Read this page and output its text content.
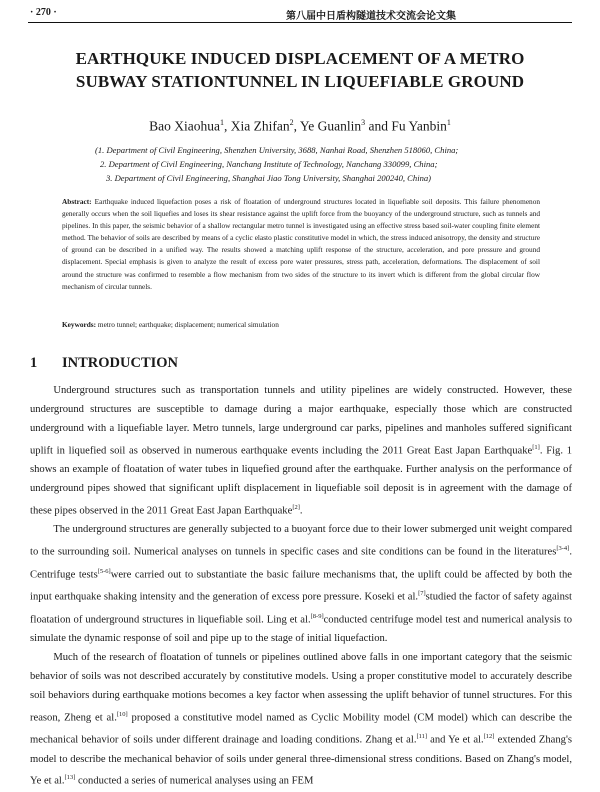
· 270 ·	第八届中日盾构隧道技术交流会论文集
EARTHQUKE INDUCED DISPLACEMENT OF A METRO
SUBWAY STATIONTUNNEL IN LIQUEFIABLE GROUND
Bao Xiaohua$^1$, Xia Zhifan$^2$, Ye Guanlin$^3$ and Fu Yanbin$^1$
(1. Department of Civil Engineering, Shenzhen University, 3688, Nanhai Road, Shenzhen 518060, China;
2. Department of Civil Engineering, Nanchang Institute of Technology, Nanchang 330099, China;
3. Department of Civil Engineering, Shanghai Jiao Tong University, Shanghai 200240, China)
Abstract: Earthquake induced liquefaction poses a risk of floatation of underground structures located in liquefiable soil deposits. This failure phenomenon generally occurs when the soil liquefies and loses its shear resistance against the uplift force from the buoyancy of the underground structure, such as tunnels and pipelines. In this paper, the seismic behavior of a shallow rectangular metro tunnel is investigated using an effective stress based soil-water coupling finite element method. The behavior of soils are described by means of a cyclic elasto plastic constitutive model in which, the stress induced anisotropy, the density and structure of ground can be described in a unified way. The results showed a matching uplift response of the structure, acceleration, and pore pressure and ground displacement. Special emphasis is given to analyze the result of excess pore water pressures, stress path, acceleration, deformations. The displacement of soil around the structure was confirmed to resemble a flow mechanism from two sides of the structure to its invert which is different from the global circular flow mechanism of circular tunnels.
Keywords: metro tunnel; earthquake; displacement; numerical simulation
1 INTRODUCTION

Underground structures such as transportation tunnels and utility pipelines are widely constructed. However, these underground structures are susceptible to damage during a major earthquake, especially those which are constructed underground with a liquefiable layer. Metro tunnels, large underground car parks, pipelines and manholes suffered significant uplift in liquefied soil as observed in numerous earthquake events including the 2011 Great East Japan Earthquake[1]. Fig. 1 shows an example of floatation of water tubes in liquefied ground after the earthquake. Further analysis on the performance of underground pipes showed that significant uplift displacement in liquefiable soil deposit is in agreement with the damage of these pipes observed in the 2011 Great East Japan Earthquake[2].

The underground structures are generally subjected to a buoyant force due to their lower submerged unit weight compared to the surrounding soil. Numerical analyses on tunnels in specific cases and site conditions can be found in the literatures[3-4]. Centrifuge tests[5-6]were carried out to substantiate the basic failure mechanisms that, the uplift could be affected by both the input earthquake shaking intensity and the generation of excess pore pressure. Koseki et al.[7]studied the factor of safety against floatation of underground structures in liquefiable soil. Ling et al.[8-9]conducted centrifuge model test and numerical analysis to simulate the dynamic response of soil and pipe up to the stage of initial liquefaction.

Much of the research of floatation of tunnels or pipelines outlined above falls in one important category that the seismic behavior of soils was not described accurately by constitutive models. Using a proper constitutive model to accurately describe soil behaviors during earthquake motions becomes a key factor when assessing the uplift behavior of tunnel structures. For this reason, Zheng et al.[10] proposed a constitutive model named as Cyclic Mobility model (CM model) which can describe the mechanical behavior of soils under different drainage and loading conditions. Zhang et al.[11] and Ye et al.[12] extended Zhang's model to describe the mechanical behavior of soils under general three-dimensional stress conditions. Based on Zhang's model, Ye et al.[13] conducted a series of numerical analyses using an FEM
